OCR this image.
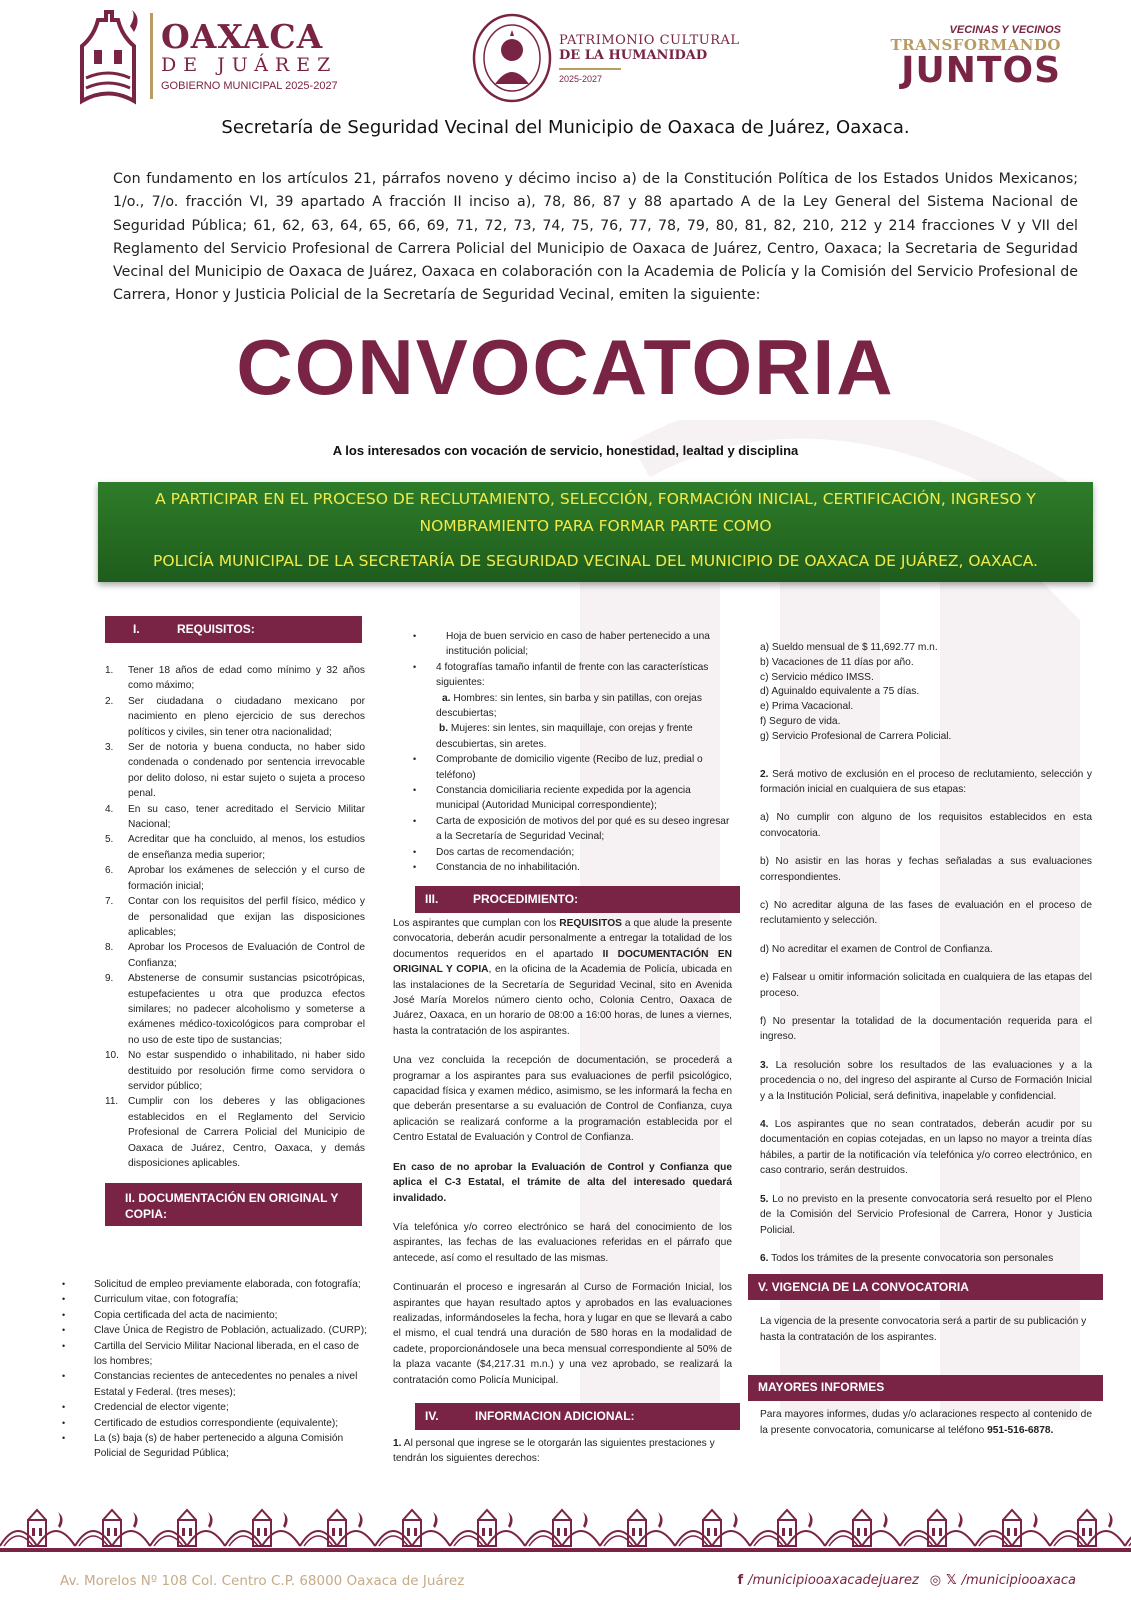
OAXACA
DE JUÁREZ
GOBIERNO MUNICIPAL 2025-2027
PATRIMONIO CULTURAL
DE LA HUMANIDAD
2025-2027
VECINAS Y VECINOS
TRANSFORMANDO
JUNTOS
Secretaría de Seguridad Vecinal del Municipio de Oaxaca de Juárez, Oaxaca.
Con fundamento en los artículos 21, párrafos noveno y décimo inciso a) de la Constitución Política de los Estados Unidos Mexicanos; 1/o., 7/o. fracción VI, 39 apartado A fracción II inciso a), 78, 86, 87 y 88 apartado A de la Ley General del Sistema Nacional de Seguridad Pública; 61, 62, 63, 64, 65, 66, 69, 71, 72, 73, 74, 75, 76, 77, 78, 79, 80, 81, 82, 210, 212 y 214 fracciones V y VII del Reglamento del Servicio Profesional de Carrera Policial del Municipio de Oaxaca de Juárez, Centro, Oaxaca; la Secretaria de Seguridad Vecinal del Municipio de Oaxaca de Juárez, Oaxaca en colaboración con la Academia de Policía y la Comisión del Servicio Profesional de Carrera, Honor y Justicia Policial de la Secretaría de Seguridad Vecinal, emiten la siguiente:
CONVOCATORIA
A los interesados con vocación de servicio, honestidad, lealtad y disciplina
A PARTICIPAR EN EL PROCESO DE RECLUTAMIENTO, SELECCIÓN, FORMACIÓN INICIAL, CERTIFICACIÓN, INGRESO Y
NOMBRAMIENTO PARA FORMAR PARTE COMO
POLICÍA MUNICIPAL DE LA SECRETARÍA DE SEGURIDAD VECINAL DEL MUNICIPIO DE OAXACA DE JUÁREZ, OAXACA.
I.	REQUISITOS:
1.	Tener 18 años de edad como mínimo y 32 años como máximo;
2.	Ser ciudadana o ciudadano mexicano por nacimiento en pleno ejercicio de sus derechos políticos y civiles, sin tener otra nacionalidad;
3.	Ser de notoria y buena conducta, no haber sido condenada o condenado por sentencia irrevocable por delito doloso, ni estar sujeto o sujeta a proceso penal.
4.	En su caso, tener acreditado el Servicio Militar Nacional;
5.	Acreditar que ha concluido, al menos, los estudios de enseñanza media superior;
6.	Aprobar los exámenes de selección y el curso de formación inicial;
7.	Contar con los requisitos del perfil físico, médico y de personalidad que exijan las disposiciones aplicables;
8.	Aprobar los Procesos de Evaluación de Control de Confianza;
9.	Abstenerse de consumir sustancias psicotrópicas, estupefacientes u otra que produzca efectos similares; no padecer alcoholismo y someterse a exámenes médico-toxicológicos para comprobar el no uso de este tipo de sustancias;
10. No estar suspendido o inhabilitado, ni haber sido destituido por resolución firme como servidora o servidor público;
11. Cumplir con los deberes y las obligaciones establecidos en el Reglamento del Servicio Profesional de Carrera Policial del Municipio de Oaxaca de Juárez, Centro, Oaxaca, y demás disposiciones aplicables.
II. DOCUMENTACIÓN EN ORIGINAL Y
COPIA:
•	Solicitud de empleo previamente elaborada, con fotografía;
•	Curriculum vitae, con fotografía;
•	Copia certificada del acta de nacimiento;
•	Clave Única de Registro de Población, actualizado. (CURP);
•	Cartilla del Servicio Militar Nacional liberada, en el caso de los hombres;
•	Constancias recientes de antecedentes no penales a nivel Estatal y Federal. (tres meses);
•	Credencial de elector vigente;
•	Certificado de estudios correspondiente (equivalente);
•	La (s) baja (s) de haber pertenecido a alguna Comisión Policial de Seguridad Pública;
•	Hoja de buen servicio en caso de haber pertenecido a una institución policial;
•	4 fotografías tamaño infantil de frente con las características siguientes:
a. Hombres: sin lentes, sin barba y sin patillas, con orejas descubiertas;
b. Mujeres: sin lentes, sin maquillaje, con orejas y frente descubiertas, sin aretes.
•	Comprobante de domicilio vigente (Recibo de luz, predial o teléfono)
•	Constancia domiciliaria reciente expedida por la agencia municipal (Autoridad Municipal correspondiente);
•	Carta de exposición de motivos del por qué es su deseo ingresar a la Secretaría de Seguridad Vecinal;
•	Dos cartas de recomendación;
•	Constancia de no inhabilitación.
III.	PROCEDIMIENTO:

Los aspirantes que cumplan con los REQUISITOS a que alude la presente convocatoria, deberán acudir personalmente a entregar la totalidad de los documentos requeridos en el apartado II DOCUMENTACIÓN EN ORIGINAL Y COPIA, en la oficina de la Academia de Policía, ubicada en las instalaciones de la Secretaría de Seguridad Vecinal, sito en Avenida José María Morelos número ciento ocho, Colonia Centro, Oaxaca de Juárez, Oaxaca, en un horario de 08:00 a 16:00 horas, de lunes a viernes, hasta la contratación de los aspirantes.

Una vez concluida la recepción de documentación, se procederá a programar a los aspirantes para sus evaluaciones de perfil psicológico, capacidad física y examen médico, asimismo, se les informará la fecha en que deberán presentarse a su evaluación de Control de Confianza, cuya aplicación se realizará conforme a la programación establecida por el Centro Estatal de Evaluación y Control de Confianza.

En caso de no aprobar la Evaluación de Control y Confianza que aplica el C-3 Estatal, el trámite de alta del interesado quedará invalidado.

Vía telefónica y/o correo electrónico se hará del conocimiento de los aspirantes, las fechas de las evaluaciones referidas en el párrafo que antecede, así como el resultado de las mismas.

Continuarán el proceso e ingresarán al Curso de Formación Inicial, los aspirantes que hayan resultado aptos y aprobados en las evaluaciones realizadas, informándoseles la fecha, hora y lugar en que se llevará a cabo el mismo, el cual tendrá una duración de 580 horas en la modalidad de cadete, proporcionándosele una beca mensual correspondiente al 50% de la plaza vacante ($4,217.31 m.n.) y una vez aprobado, se realizará la contratación como Policía Municipal.

IV.	INFORMACION ADICIONAL:

1. Al personal que ingrese se le otorgarán las siguientes prestaciones y tendrán los siguientes derechos:

a) Sueldo mensual de $ 11,692.77 m.n.
b) Vacaciones de 11 días por año.
c) Servicio médico IMSS.
d) Aguinaldo equivalente a 75 días.
e) Prima Vacacional.
f) Seguro de vida.
g) Servicio Profesional de Carrera Policial.

2. Será motivo de exclusión en el proceso de reclutamiento, selección y formación inicial en cualquiera de sus etapas:

a) No cumplir con alguno de los requisitos establecidos en esta convocatoria.

b) No asistir en las horas y fechas señaladas a sus evaluaciones correspondientes.

c) No acreditar alguna de las fases de evaluación en el proceso de reclutamiento y selección.

d) No acreditar el examen de Control de Confianza.

e) Falsear u omitir información solicitada en cualquiera de las etapas del proceso.

f) No presentar la totalidad de la documentación requerida para el ingreso.

3. La resolución sobre los resultados de las evaluaciones y a la procedencia o no, del ingreso del aspirante al Curso de Formación Inicial y a la Institución Policial, será definitiva, inapelable y confidencial.

4. Los aspirantes que no sean contratados, deberán acudir por su documentación en copias cotejadas, en un lapso no mayor a treinta días hábiles, a partir de la notificación vía telefónica y/o correo electrónico, en caso contrario, serán destruidos.

5. Lo no previsto en la presente convocatoria será resuelto por el Pleno de la Comisión del Servicio Profesional de Carrera, Honor y Justicia Policial.

6. Todos los trámites de la presente convocatoria son personales

V. VIGENCIA DE LA CONVOCATORIA

La vigencia de la presente convocatoria será a partir de su publicación y hasta la contratación de los aspirantes.

MAYORES INFORMES

Para mayores informes, dudas y/o aclaraciones respecto al contenido de la presente convocatoria, comunicarse al teléfono 951-516-6878.

Av. Morelos Nº 108 Col. Centro C.P. 68000 Oaxaca de Juárez	f /municipiooaxacadejuarez ◎ 𝕏 /municipiooaxaca
